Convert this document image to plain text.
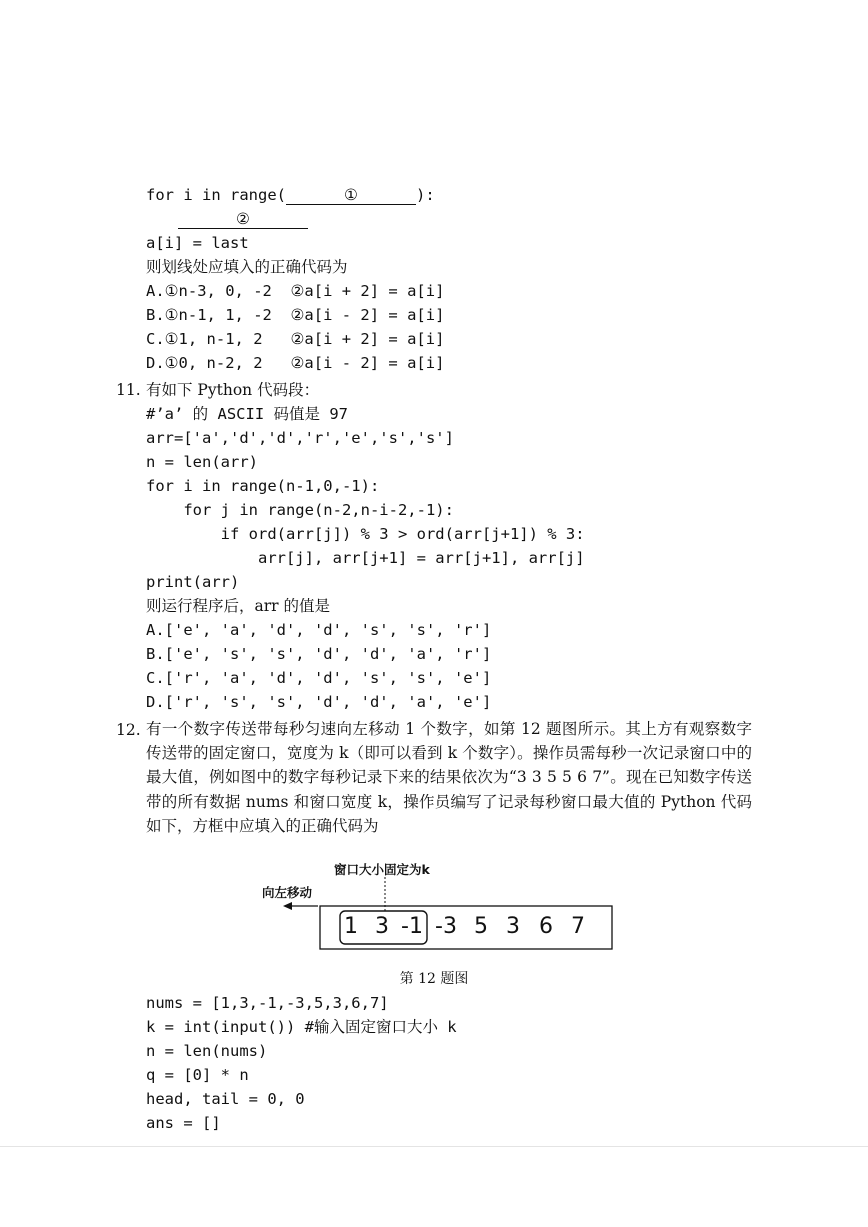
for i in range(	①	):
②
a[i] = last
则划线处应填入的正确代码为
A.①n-3, 0, -2  ②a[i + 2] = a[i]
B.①n-1, 1, -2  ②a[i - 2] = a[i]
C.①1, n-1, 2   ②a[i + 2] = a[i]
D.①0, n-2, 2   ②a[i - 2] = a[i]
11. 有如下 Python 代码段：
#’a’ 的 ASCII 码值是 97
arr=['a','d','d','r','e','s','s']
n = len(arr)
for i in range(n-1,0,-1):
for j in range(n-2,n-i-2,-1):
if ord(arr[j]) % 3 > ord(arr[j+1]) % 3:
arr[j], arr[j+1] = arr[j+1], arr[j]
print(arr)
则运行程序后，arr 的值是
A.['e', 'a', 'd', 'd', 's', 's', 'r']
B.['e', 's', 's', 'd', 'd', 'a', 'r']
C.['r', 'a', 'd', 'd', 's', 's', 'e']
D.['r', 's', 's', 'd', 'd', 'a', 'e']
12. 有一个数字传送带每秒匀速向左移动 1 个数字，如第 12 题图所示。其上方有观察数字传送带的固定窗口，宽度为 k（即可以看到 k 个数字）。操作员需每秒一次记录窗口中的最大值，例如图中的数字每秒记录下来的结果依次为“3 3 5 5 6 7”。现在已知数字传送带的所有数据 nums 和窗口宽度 k，操作员编写了记录每秒窗口最大值的 Python 代码如下，方框中应填入的正确代码为
窗口大小固定为k
向左移动
1 3 -1 -3 5 3 6 7
第 12 题图
nums = [1,3,-1,-3,5,3,6,7]
k = int(input()) #输入固定窗口大小 k
n = len(nums)
q = [0] * n
head, tail = 0, 0
ans = []
